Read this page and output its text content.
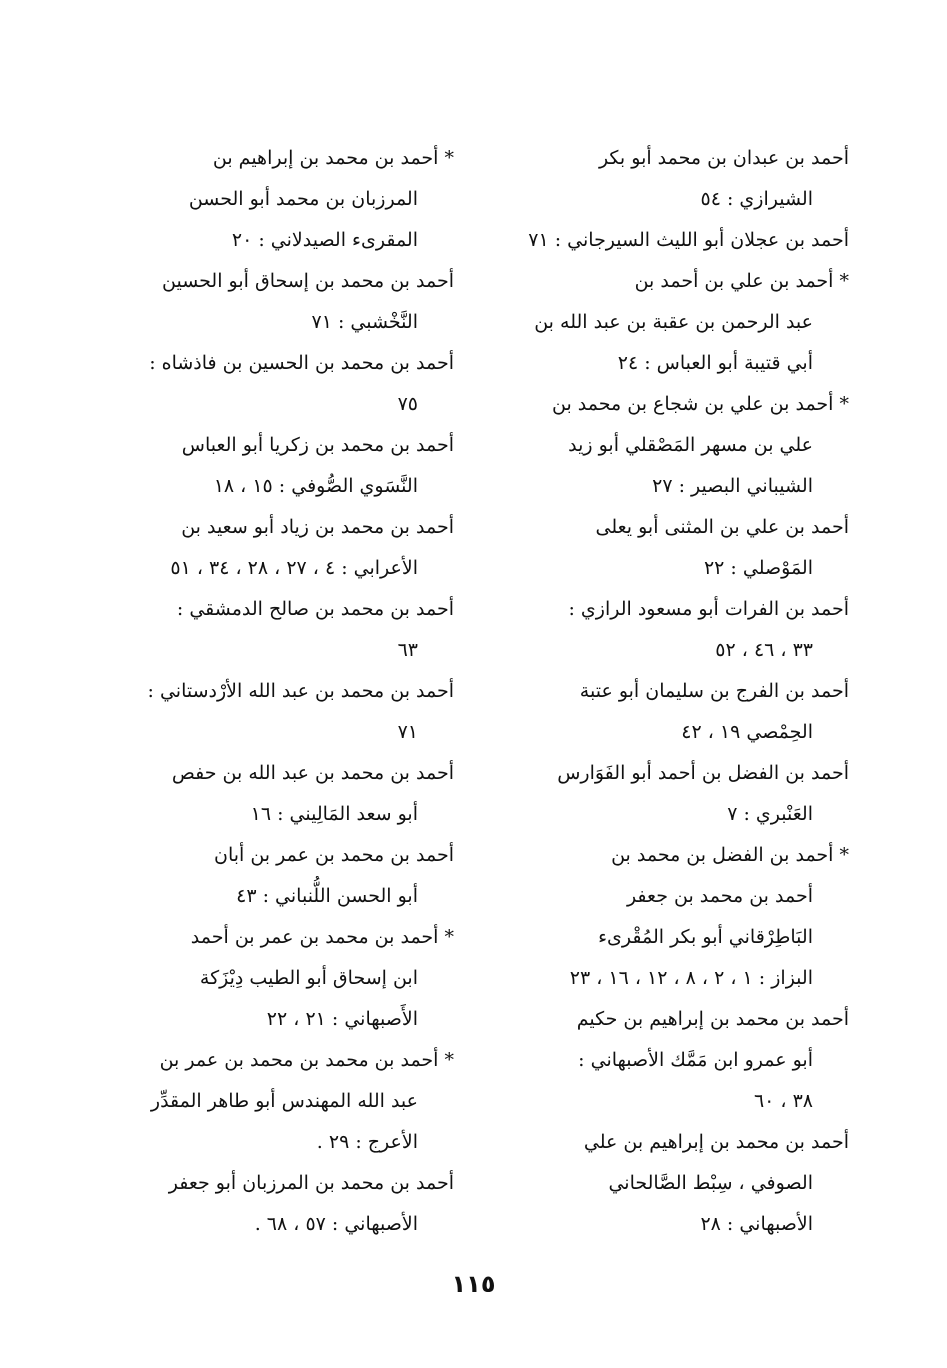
أحمد بن عبدان بن محمد أبو بكر
الشيرازي : ٥٤
أحمد بن عجلان أبو الليث السيرجاني : ٧١
* أحمد بن علي بن أحمد بن
عبد الرحمن بن عقبة بن عبد الله بن
أبي قتيبة أبو العباس : ٢٤
* أحمد بن علي بن شجاع بن محمد بن
علي بن مسهر المَصْقلي أبو زيد
الشيباني البصير : ٢٧
أحمد بن علي بن المثنى أبو يعلى
المَوْصلي : ٢٢
أحمد بن الفرات أبو مسعود الرازي :
٣٣ ، ٤٦ ، ٥٢
أحمد بن الفرج بن سليمان أبو عتبة
الحِمْصي ١٩ ، ٤٢
أحمد بن الفضل بن أحمد أبو الفَوَارس
العَنْبري : ٧
* أحمد بن الفضل بن محمد بن
أحمد بن محمد بن جعفر
البَاطِرْقاني أبو بكر المُقْرىء
البزاز : ١ ، ٢ ، ٨ ، ١٢ ، ١٦ ، ٢٣
أحمد بن محمد بن إبراهيم بن حكيم
أبو عمرو ابن مَمَّك الأصبهاني :
٣٨ ، ٦٠
أحمد بن محمد بن إبراهيم بن علي
الصوفي ، سِبْط الصَّالحاني
الأصبهاني : ٢٨
* أحمد بن محمد بن إبراهيم بن
المرزبان بن محمد أبو الحسن
المقرىء الصيدلاني : ٢٠
أحمد بن محمد بن إسحاق أبو الحسين
النَّخْشبي : ٧١
أحمد بن محمد بن الحسين بن فاذشاه :
٧٥
أحمد بن محمد بن زكريا أبو العباس
النَّسَوي الصُّوفي : ١٥ ، ١٨
أحمد بن محمد بن زياد أبو سعيد بن
الأعرابي : ٤ ، ٢٧ ، ٢٨ ، ٣٤ ، ٥١
أحمد بن محمد بن صالح الدمشقي :
٦٣
أحمد بن محمد بن عبد الله الأرْدستاني :
٧١
أحمد بن محمد بن عبد الله بن حفص
أبو سعد المَالِيني : ١٦
أحمد بن محمد بن عمر بن أبان
أبو الحسن اللُّنباني : ٤٣
* أحمد بن محمد بن عمر بن أحمد
ابن إسحاق أبو الطيب دِيْزَكة
الأَصبهاني : ٢١ ، ٢٢
* أحمد بن محمد بن محمد بن عمر بن
عبد الله المهندس أبو طاهر المقدِّر
الأعرج : ٢٩ .
أحمد بن محمد بن المرزبان أبو جعفر
الأصبهاني : ٥٧ ، ٦٨ .
١١٥
